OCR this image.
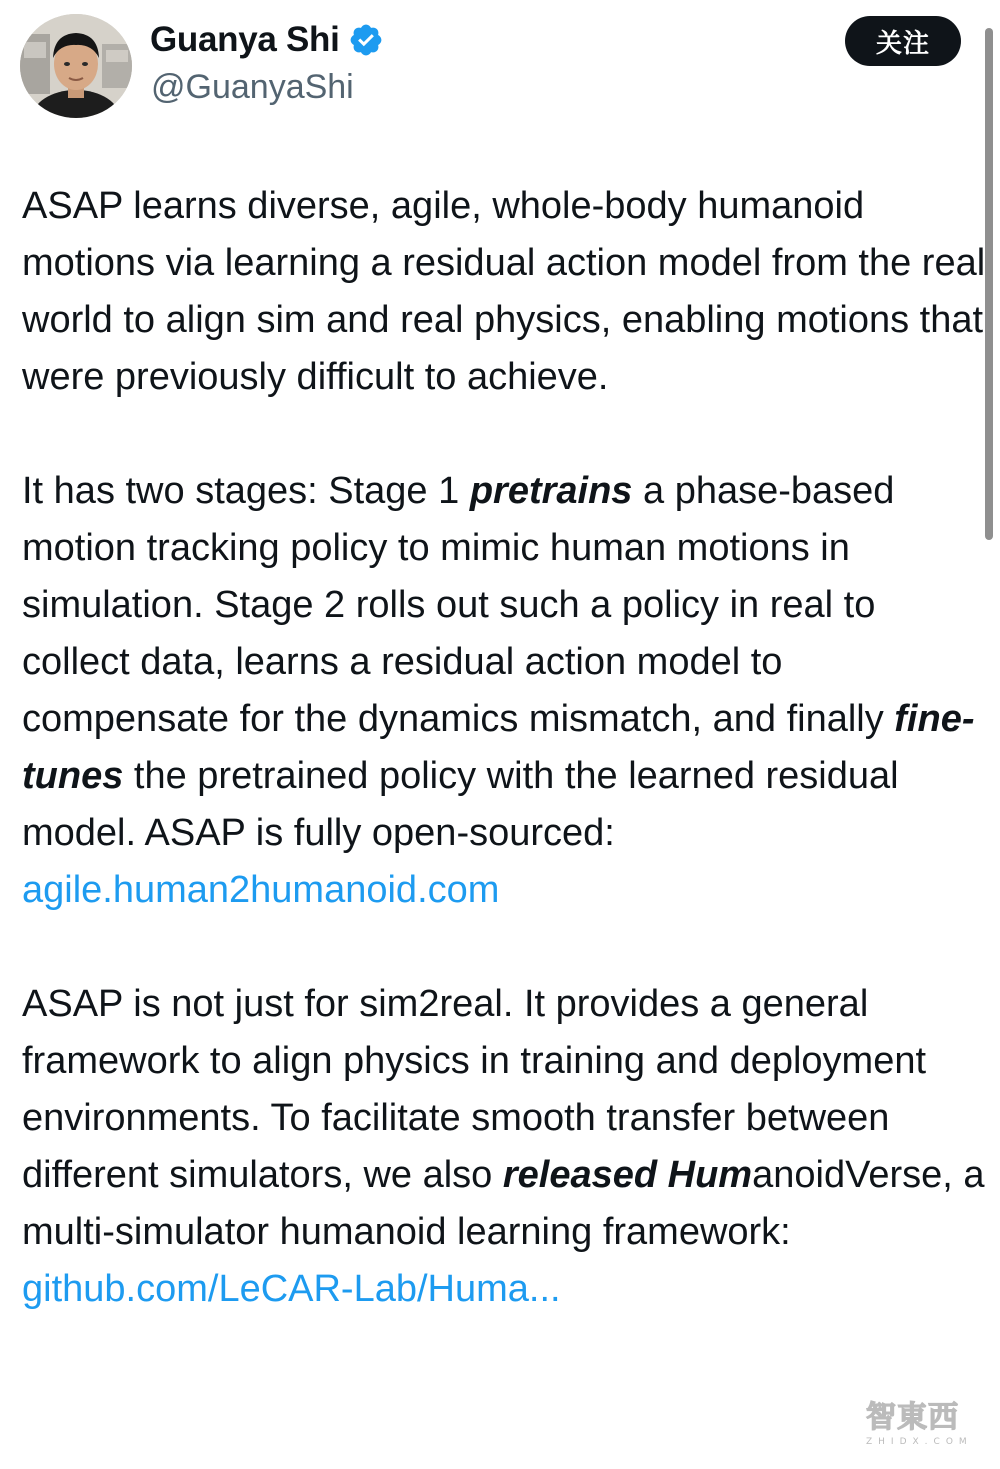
Guanya Shi
@GuanyaShi
关注

ASAP learns diverse, agile, whole-body humanoid motions via learning a residual action model from the real world to align sim and real physics, enabling motions that were previously difficult to achieve.

It has two stages: Stage 1 pretrains a phase-based motion tracking policy to mimic human motions in simulation. Stage 2 rolls out such a policy in real to collect data, learns a residual action model to compensate for the dynamics mismatch, and finally fine-tunes the pretrained policy with the learned residual model. ASAP is fully open-sourced: agile.human2humanoid.com

ASAP is not just for sim2real. It provides a general framework to align physics in training and deployment environments. To facilitate smooth transfer between different simulators, we also released HumanoidVerse, a multi-simulator humanoid learning framework: github.com/LeCAR-Lab/Huma...

智東西
ZHIDX.COM
